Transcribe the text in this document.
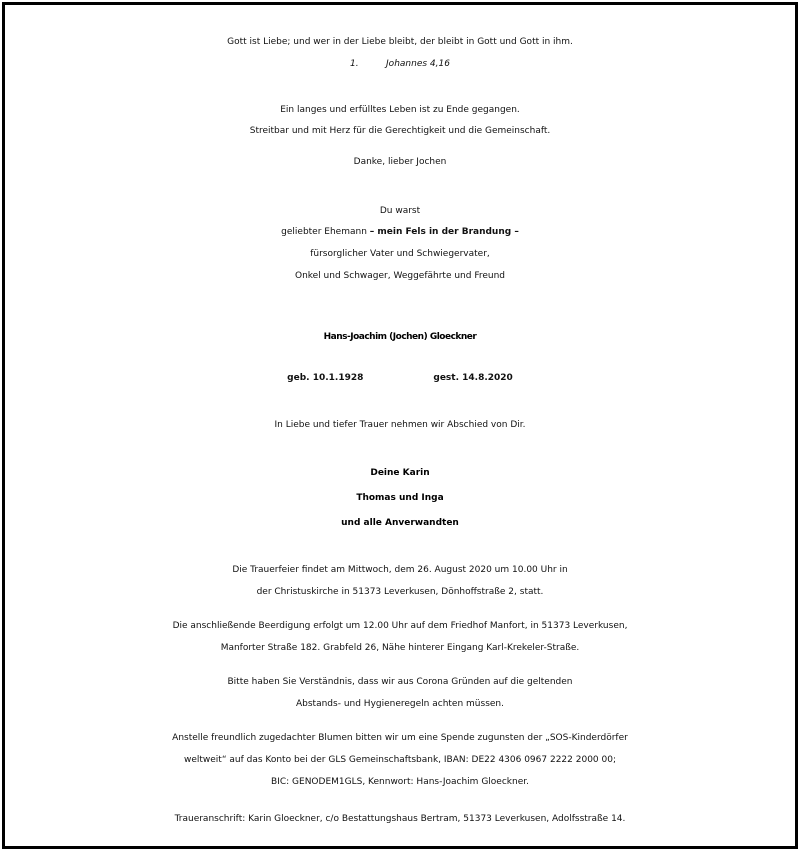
Gott ist Liebe; und wer in der Liebe bleibt, der bleibt in Gott und Gott in ihm.
1.	Johannes 4,16
Ein langes und erfülltes Leben ist zu Ende gegangen.
Streitbar und mit Herz für die Gerechtigkeit und die Gemeinschaft.
Danke, lieber Jochen
Du warst
geliebter Ehemann – mein Fels in der Brandung –
fürsorglicher Vater und Schwiegervater,
Onkel und Schwager, Weggefährte und Freund
Hans-Joachim (Jochen) Gloeckner
geb. 10.1.1928	gest. 14.8.2020
In Liebe und tiefer Trauer nehmen wir Abschied von Dir.
Deine Karin
Thomas und Inga
und alle Anverwandten
Die Trauerfeier findet am Mittwoch, dem 26. August 2020 um 10.00 Uhr in
der Christuskirche in 51373 Leverkusen, Dönhoffstraße 2, statt.
Die anschließende Beerdigung erfolgt um 12.00 Uhr auf dem Friedhof Manfort, in 51373 Leverkusen,
Manforter Straße 182. Grabfeld 26, Nähe hinterer Eingang Karl-Krekeler-Straße.
Bitte haben Sie Verständnis, dass wir aus Corona Gründen auf die geltenden
Abstands- und Hygieneregeln achten müssen.
Anstelle freundlich zugedachter Blumen bitten wir um eine Spende zugunsten der „SOS-Kinderdörfer
weltweit“ auf das Konto bei der GLS Gemeinschaftsbank, IBAN: DE22 4306 0967 2222 2000 00;
BIC: GENODEM1GLS, Kennwort: Hans-Joachim Gloeckner.
Traueranschrift: Karin Gloeckner, c/o Bestattungshaus Bertram, 51373 Leverkusen, Adolfsstraße 14.
